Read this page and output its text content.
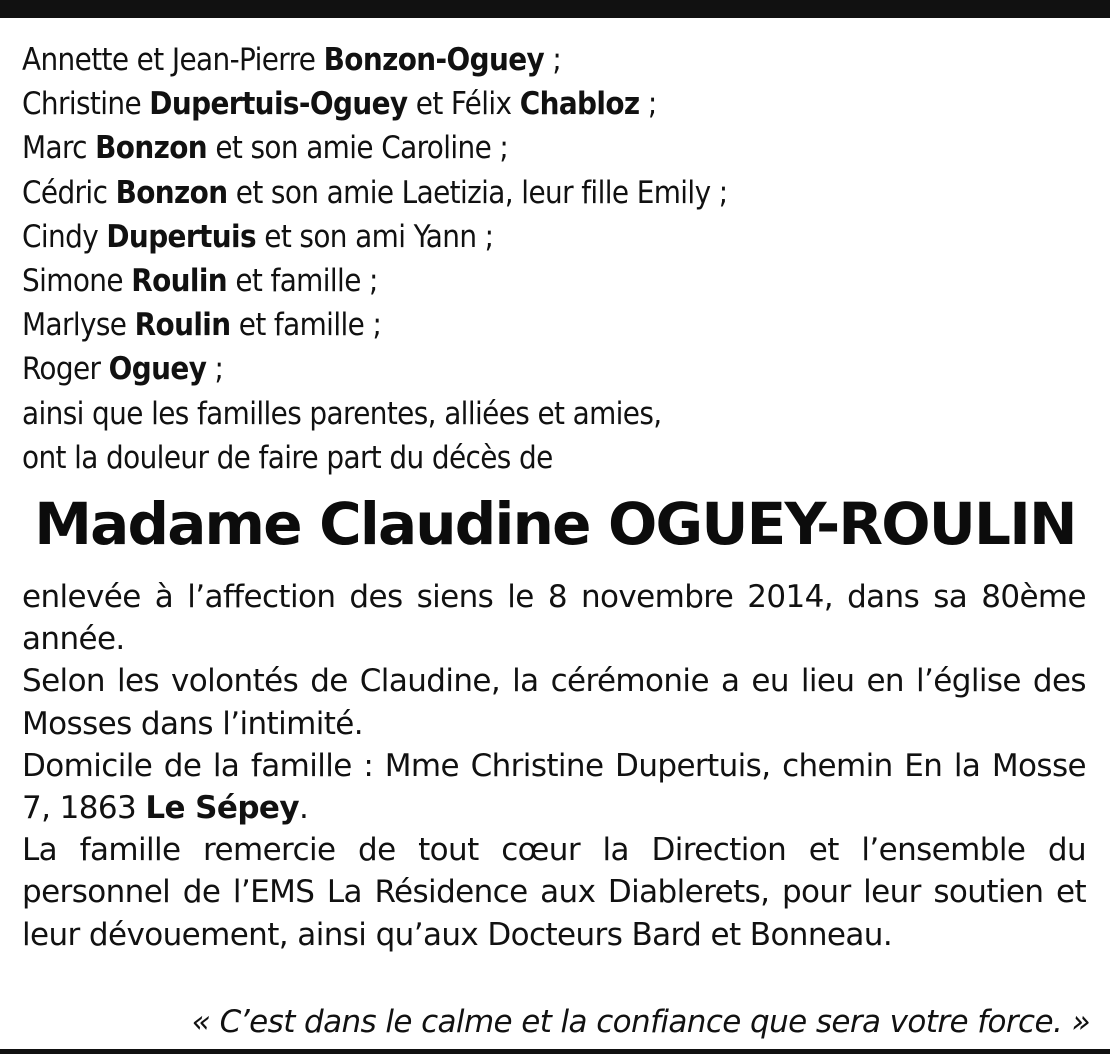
Annette et Jean-Pierre Bonzon-Oguey ;
Christine Dupertuis-Oguey et Félix Chabloz ;
Marc Bonzon et son amie Caroline ;
Cédric Bonzon et son amie Laetizia, leur fille Emily ;
Cindy Dupertuis et son ami Yann ;
Simone Roulin et famille ;
Marlyse Roulin et famille ;
Roger Oguey ;
ainsi que les familles parentes, alliées et amies,
ont la douleur de faire part du décès de
Madame Claudine OGUEY-ROULIN

enlevée à l’affection des siens le 8 novembre 2014, dans sa 80ème année.

Selon les volontés de Claudine, la cérémonie a eu lieu en l’église des Mosses dans l’intimité.

Domicile de la famille : Mme Christine Dupertuis, chemin En la Mosse 7, 1863 Le Sépey.

La famille remercie de tout cœur la Direction et l’ensemble du personnel de l’EMS La Résidence aux Diablerets, pour leur soutien et leur dévouement, ainsi qu’aux Docteurs Bard et Bonneau.

« C’est dans le calme et la confiance que sera votre force. »
